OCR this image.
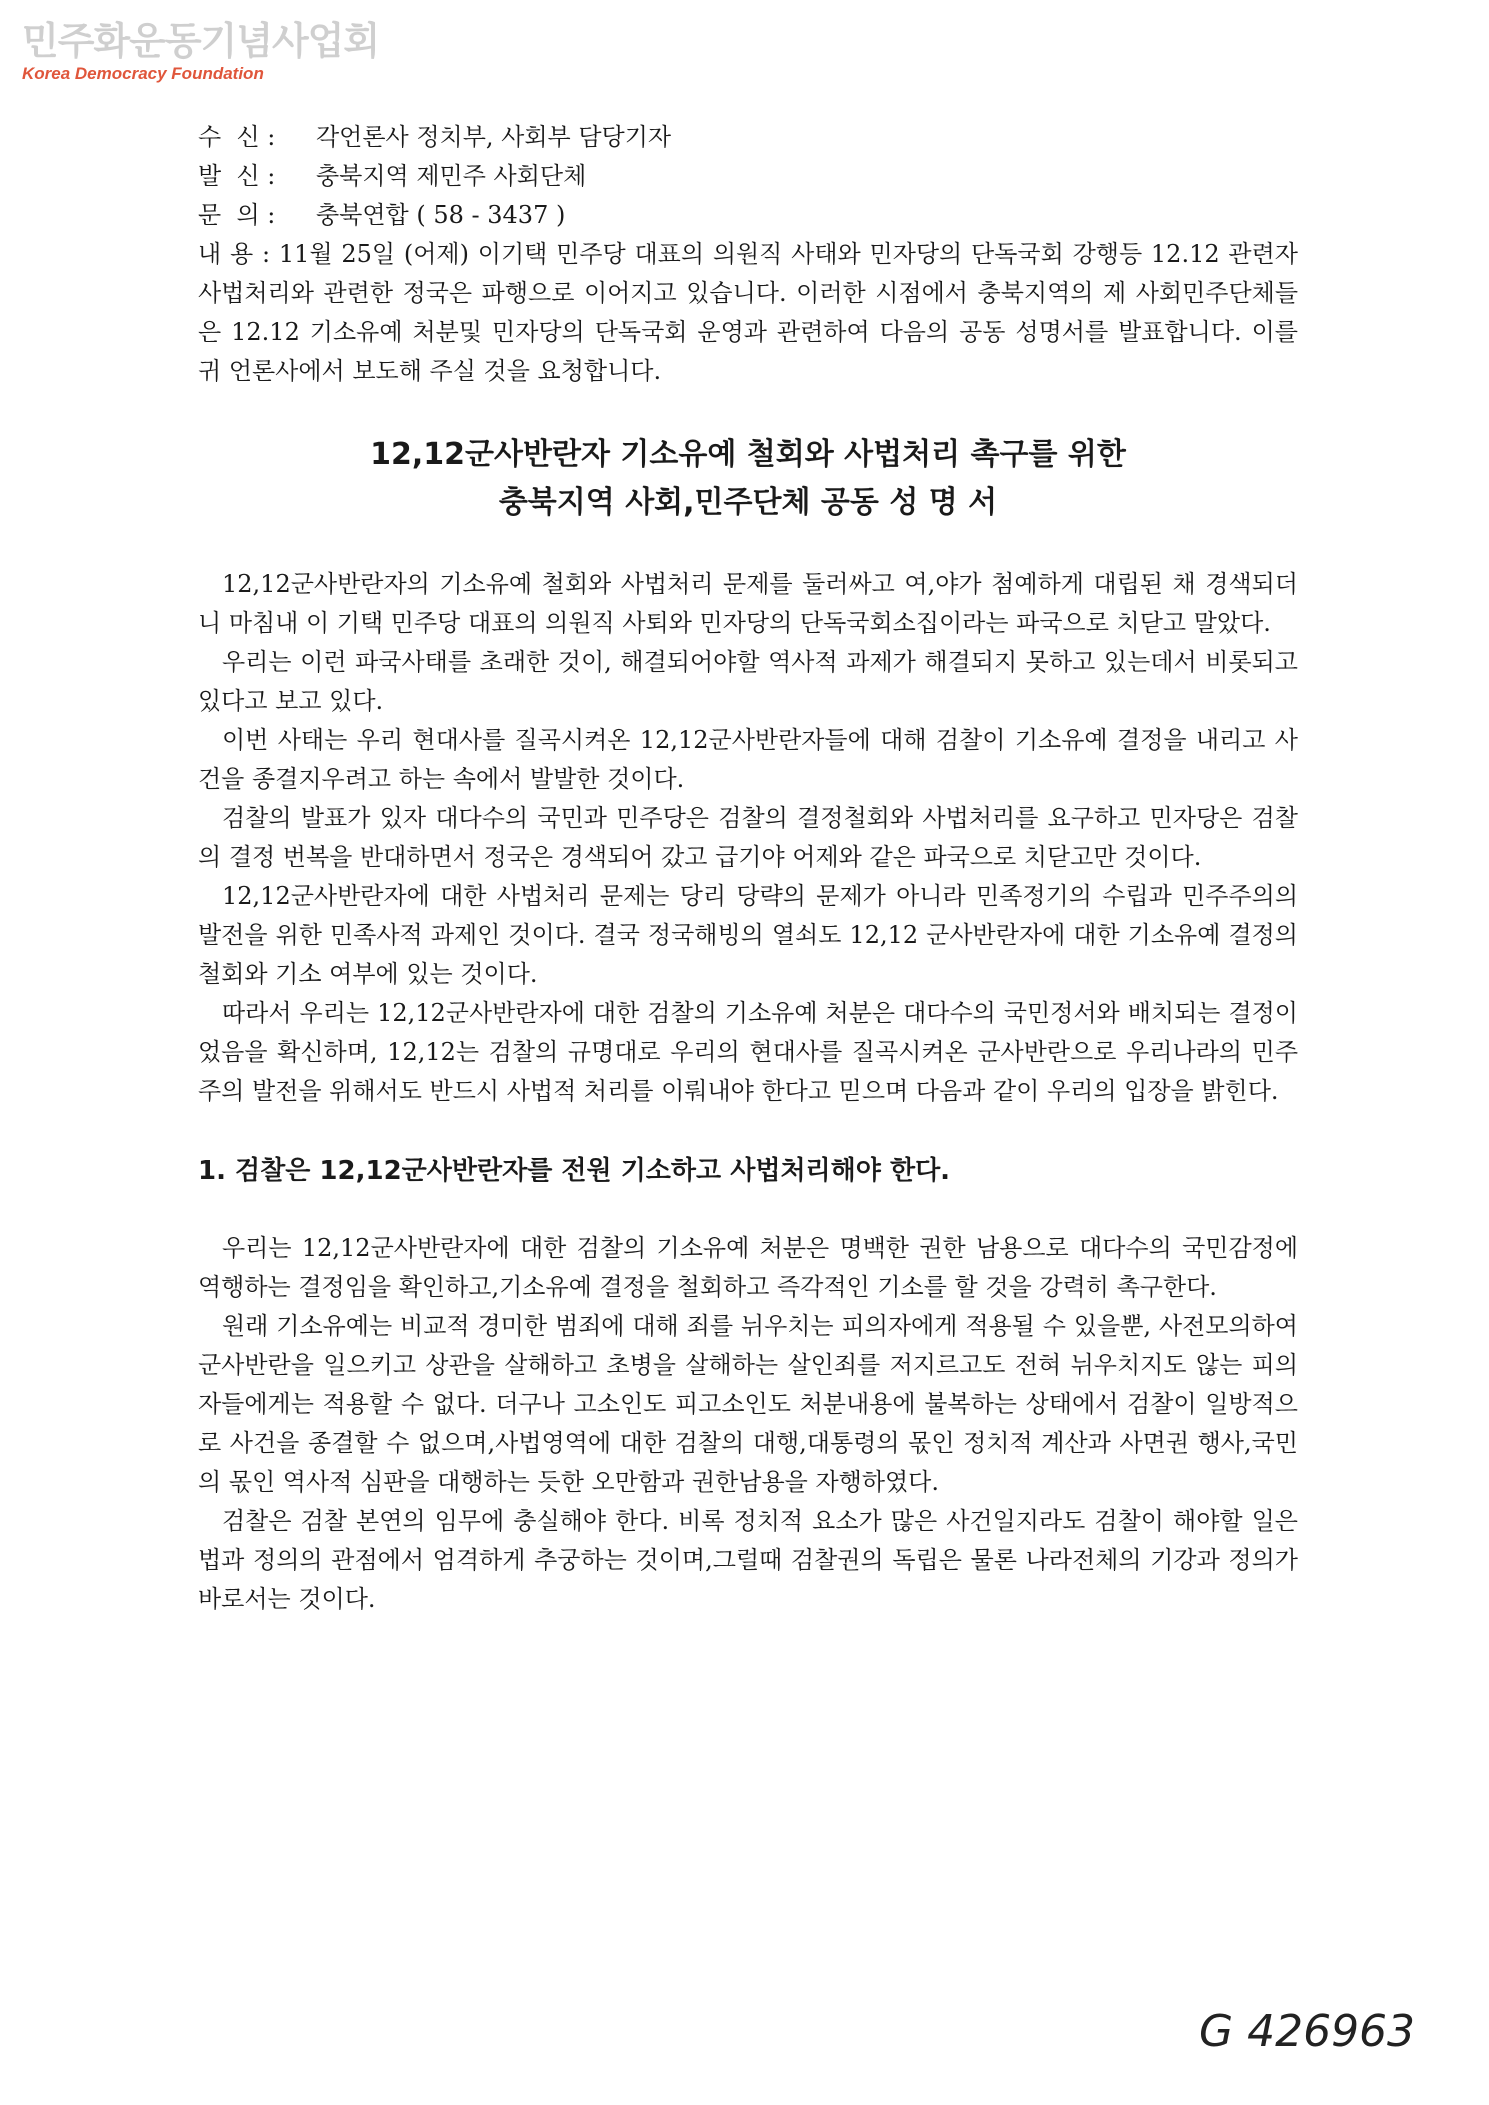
민주화운동기념사업회
Korea Democracy Foundation
수  신 :	각언론사 정치부, 사회부 담당기자
발  신 :	충북지역 제민주 사회단체
문  의 :	충북연합 ( 58 - 3437 )

내 용 : 11월 25일 (어제) 이기택 민주당 대표의 의원직 사태와 민자당의 단독국회 강행등 12.12 관련자 사법처리와 관련한 정국은 파행으로 이어지고 있습니다. 이러한 시점에서 충북지역의 제 사회민주단체들은 12.12 기소유예 처분및 민자당의 단독국회 운영과 관련하여 다음의 공동 성명서를 발표합니다. 이를 귀 언론사에서 보도해 주실 것을 요청합니다.

12,12군사반란자 기소유예 철회와 사법처리 촉구를 위한
충북지역 사회,민주단체 공동 성 명 서

12,12군사반란자의 기소유예 철회와 사법처리 문제를 둘러싸고 여,야가 첨예하게 대립된 채 경색되더니 마침내 이 기택 민주당 대표의 의원직 사퇴와 민자당의 단독국회소집이라는 파국으로 치닫고 말았다.

우리는 이런 파국사태를 초래한 것이, 해결되어야할 역사적 과제가 해결되지 못하고 있는데서 비롯되고 있다고 보고 있다.

이번 사태는 우리 현대사를 질곡시켜온 12,12군사반란자들에 대해 검찰이 기소유예 결정을 내리고 사건을 종결지우려고 하는 속에서 발발한 것이다.

검찰의 발표가 있자 대다수의 국민과 민주당은 검찰의 결정철회와 사법처리를 요구하고 민자당은 검찰의 결정 번복을 반대하면서 정국은 경색되어 갔고 급기야 어제와 같은 파국으로 치닫고만 것이다.

12,12군사반란자에 대한 사법처리 문제는 당리 당략의 문제가 아니라 민족정기의 수립과 민주주의의 발전을 위한 민족사적 과제인 것이다. 결국 정국해빙의 열쇠도 12,12 군사반란자에 대한 기소유예 결정의 철회와 기소 여부에 있는 것이다.

따라서 우리는 12,12군사반란자에 대한 검찰의 기소유예 처분은 대다수의 국민정서와 배치되는 결정이었음을 확신하며, 12,12는 검찰의 규명대로 우리의 현대사를 질곡시켜온 군사반란으로 우리나라의 민주주의 발전을 위해서도 반드시 사법적 처리를 이뤄내야 한다고 믿으며 다음과 같이 우리의 입장을 밝힌다.

1. 검찰은 12,12군사반란자를 전원 기소하고 사법처리해야 한다.

우리는 12,12군사반란자에 대한 검찰의 기소유예 처분은 명백한 권한 남용으로 대다수의 국민감정에 역행하는 결정임을 확인하고,기소유예 결정을 철회하고 즉각적인 기소를 할 것을 강력히 촉구한다.

원래 기소유예는 비교적 경미한 범죄에 대해 죄를 뉘우치는 피의자에게 적용될 수 있을뿐, 사전모의하여 군사반란을 일으키고 상관을 살해하고 초병을 살해하는 살인죄를 저지르고도 전혀 뉘우치지도 않는 피의자들에게는 적용할 수 없다. 더구나 고소인도 피고소인도 처분내용에 불복하는 상태에서 검찰이 일방적으로 사건을 종결할 수 없으며,사법영역에 대한 검찰의 대행,대통령의 몫인 정치적 계산과 사면권 행사,국민의 몫인 역사적 심판을 대행하는 듯한 오만함과 권한남용을 자행하였다.

검찰은 검찰 본연의 임무에 충실해야 한다. 비록 정치적 요소가 많은 사건일지라도 검찰이 해야할 일은 법과 정의의 관점에서 엄격하게 추궁하는 것이며,그럴때 검찰권의 독립은 물론 나라전체의 기강과 정의가 바로서는 것이다.

G 426963
